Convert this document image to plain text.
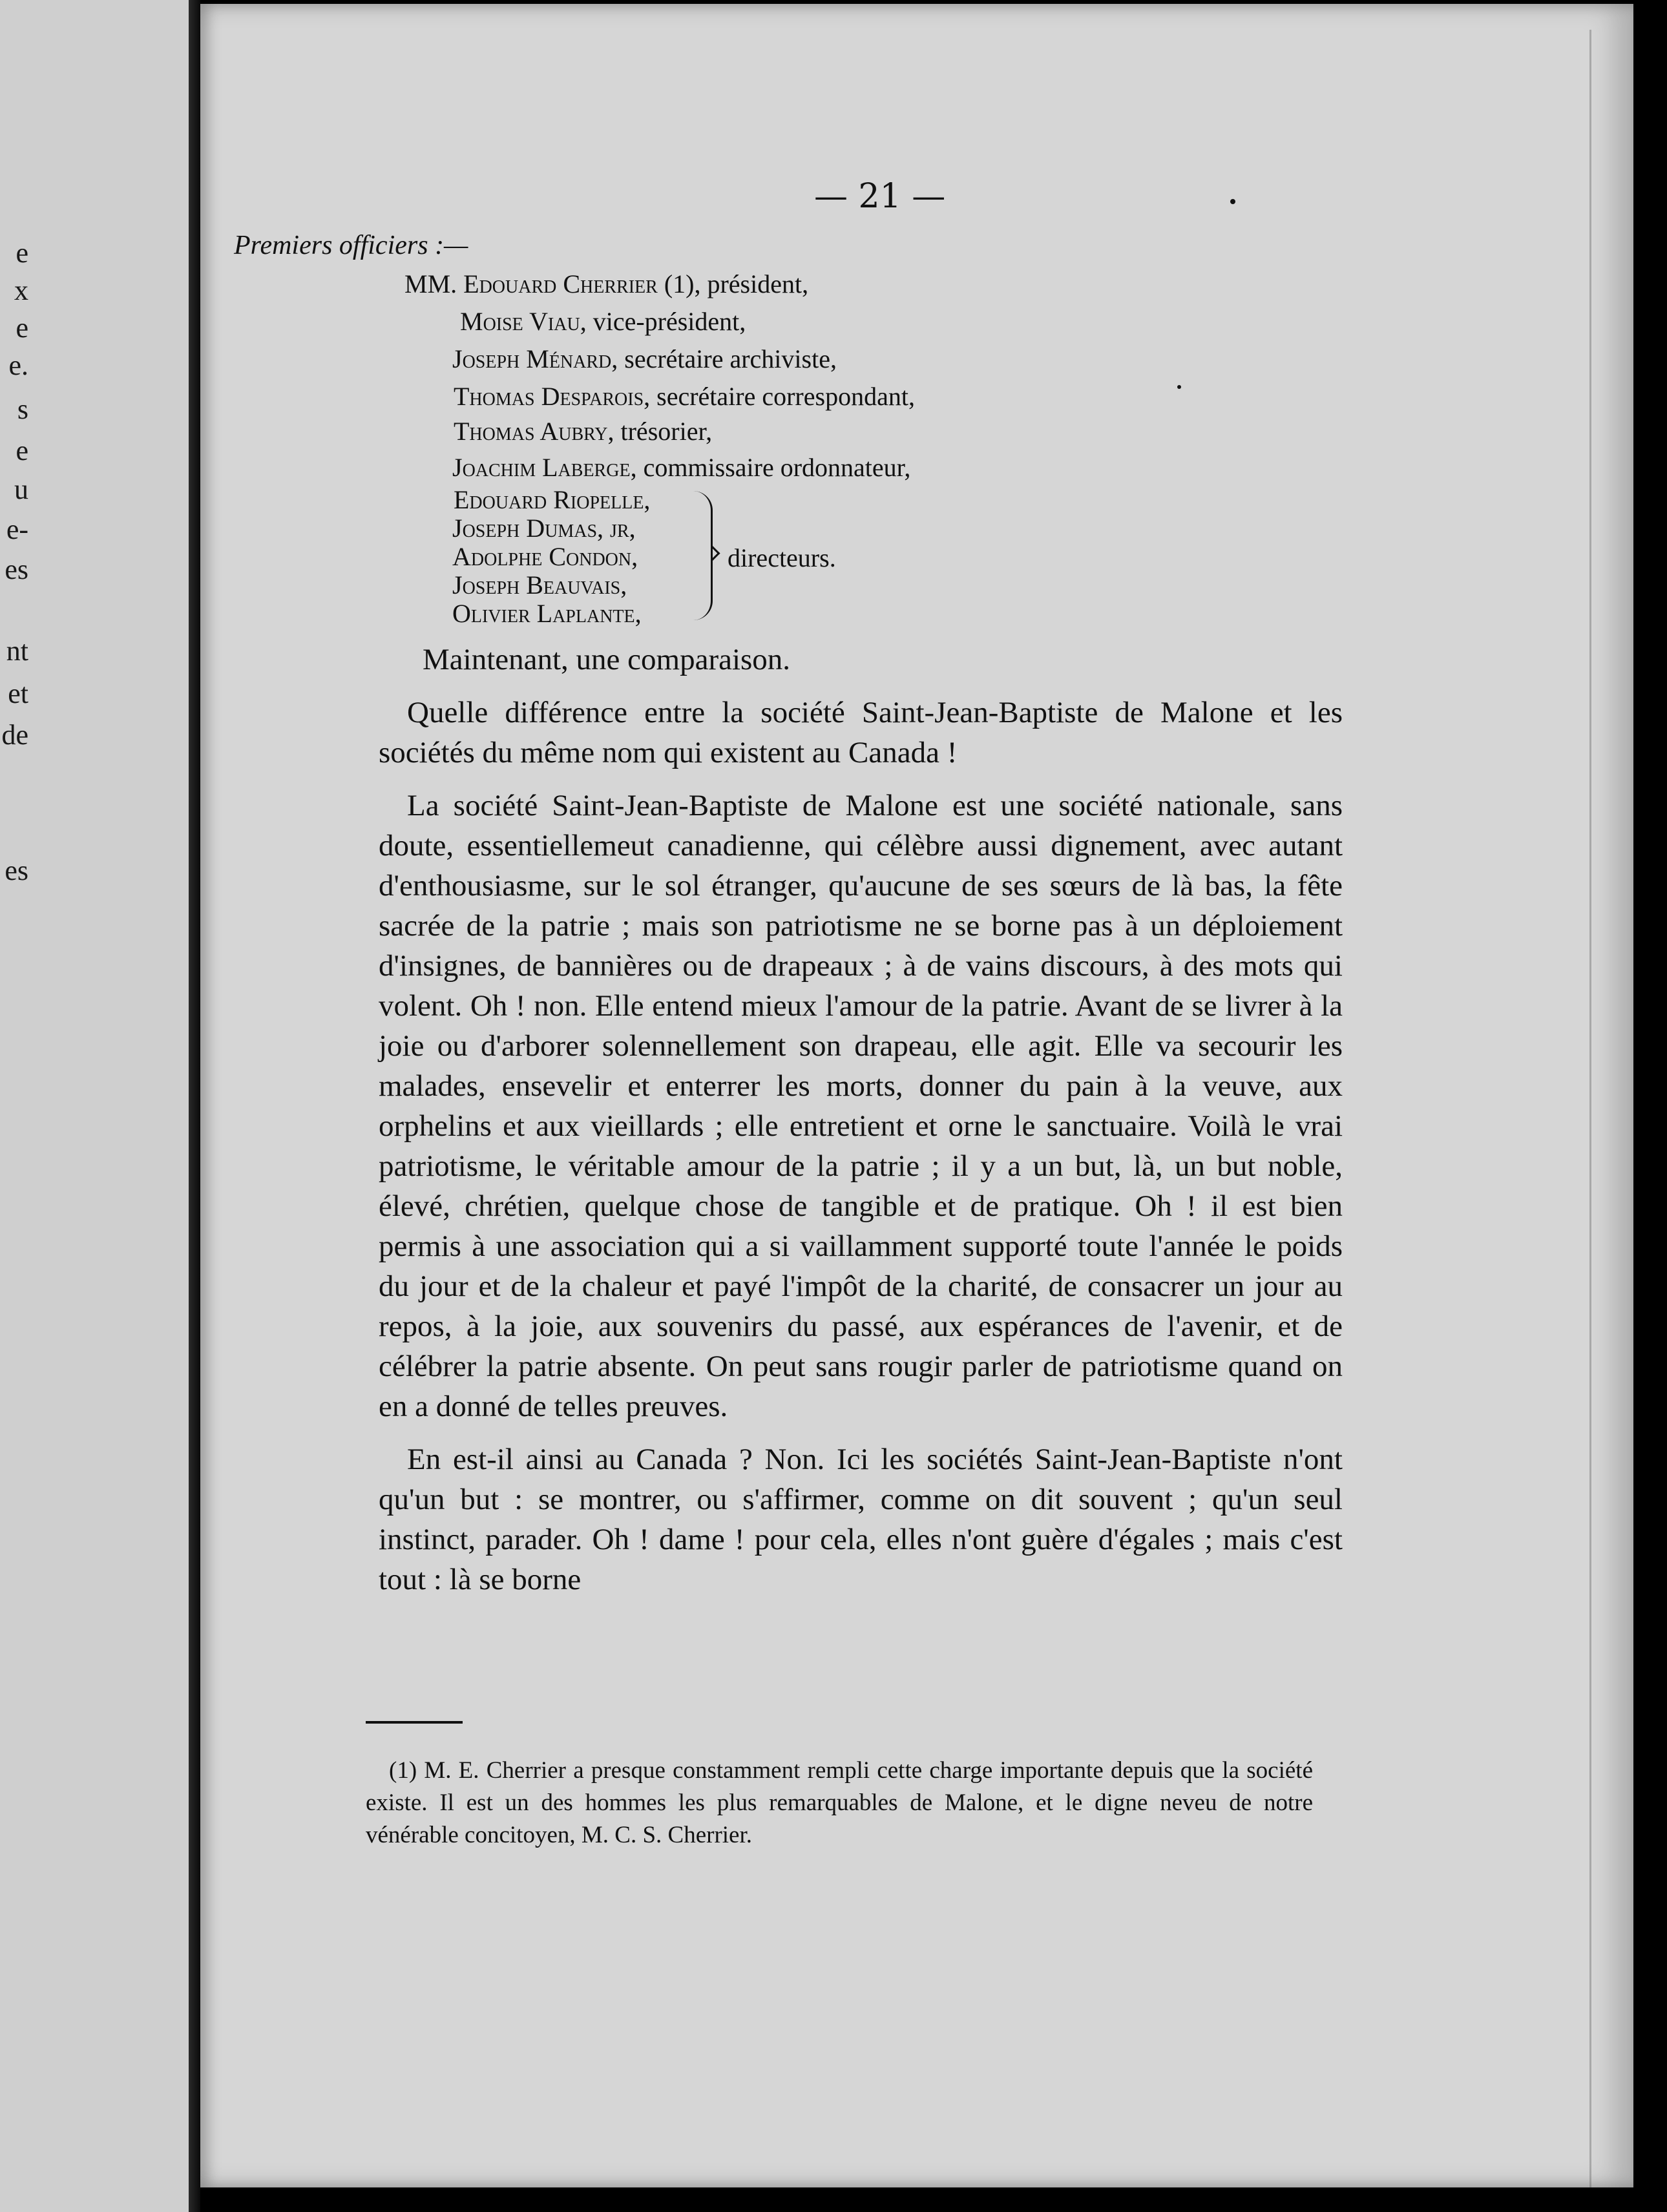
e
x
e
e.
s
e
u
e-
es
nt
et
de
es
— 21 —
Premiers officiers :—
MM. Edouard Cherrier (1), président,
Moise Viau, vice-président,
Joseph Ménard, secrétaire archiviste,
Thomas Desparois, secrétaire correspondant,
Thomas Aubry, trésorier,
Joachim Laberge, commissaire ordonnateur,
Edouard Riopelle,
Joseph Dumas, jr,
Adolphe Condon,
Joseph Beauvais,
Olivier Laplante,
directeurs.

Maintenant, une comparaison.

Quelle différence entre la société Saint-Jean-Baptiste de Malone et les sociétés du même nom qui existent au Canada !

La société Saint-Jean-Baptiste de Malone est une société nationale, sans doute, essentiellemeut canadienne, qui célèbre aussi dignement, avec autant d'enthousiasme, sur le sol étranger, qu'aucune de ses sœurs de là bas, la fête sacrée de la patrie ; mais son patriotisme ne se borne pas à un déploiement d'insignes, de bannières ou de drapeaux ; à de vains discours, à des mots qui volent. Oh ! non. Elle entend mieux l'amour de la patrie. Avant de se livrer à la joie ou d'arborer solennellement son drapeau, elle agit. Elle va secourir les malades, ensevelir et enterrer les morts, donner du pain à la veuve, aux orphelins et aux vieillards ; elle entretient et orne le sanctuaire. Voilà le vrai patriotisme, le véritable amour de la patrie ; il y a un but, là, un but noble, élevé, chrétien, quelque chose de tangible et de pratique. Oh ! il est bien permis à une association qui a si vaillamment supporté toute l'année le poids du jour et de la chaleur et payé l'impôt de la charité, de consacrer un jour au repos, à la joie, aux souvenirs du passé, aux espérances de l'avenir, et de célébrer la patrie absente. On peut sans rougir parler de patriotisme quand on en a donné de telles preuves.

En est-il ainsi au Canada ? Non. Ici les sociétés Saint-Jean-Baptiste n'ont qu'un but : se montrer, ou s'affirmer, comme on dit souvent ; qu'un seul instinct, parader. Oh ! dame ! pour cela, elles n'ont guère d'égales ; mais c'est tout : là se borne

(1) M. E. Cherrier a presque constamment rempli cette charge importante depuis que la société existe. Il est un des hommes les plus remarquables de Malone, et le digne neveu de notre vénérable concitoyen, M. C. S. Cherrier.
